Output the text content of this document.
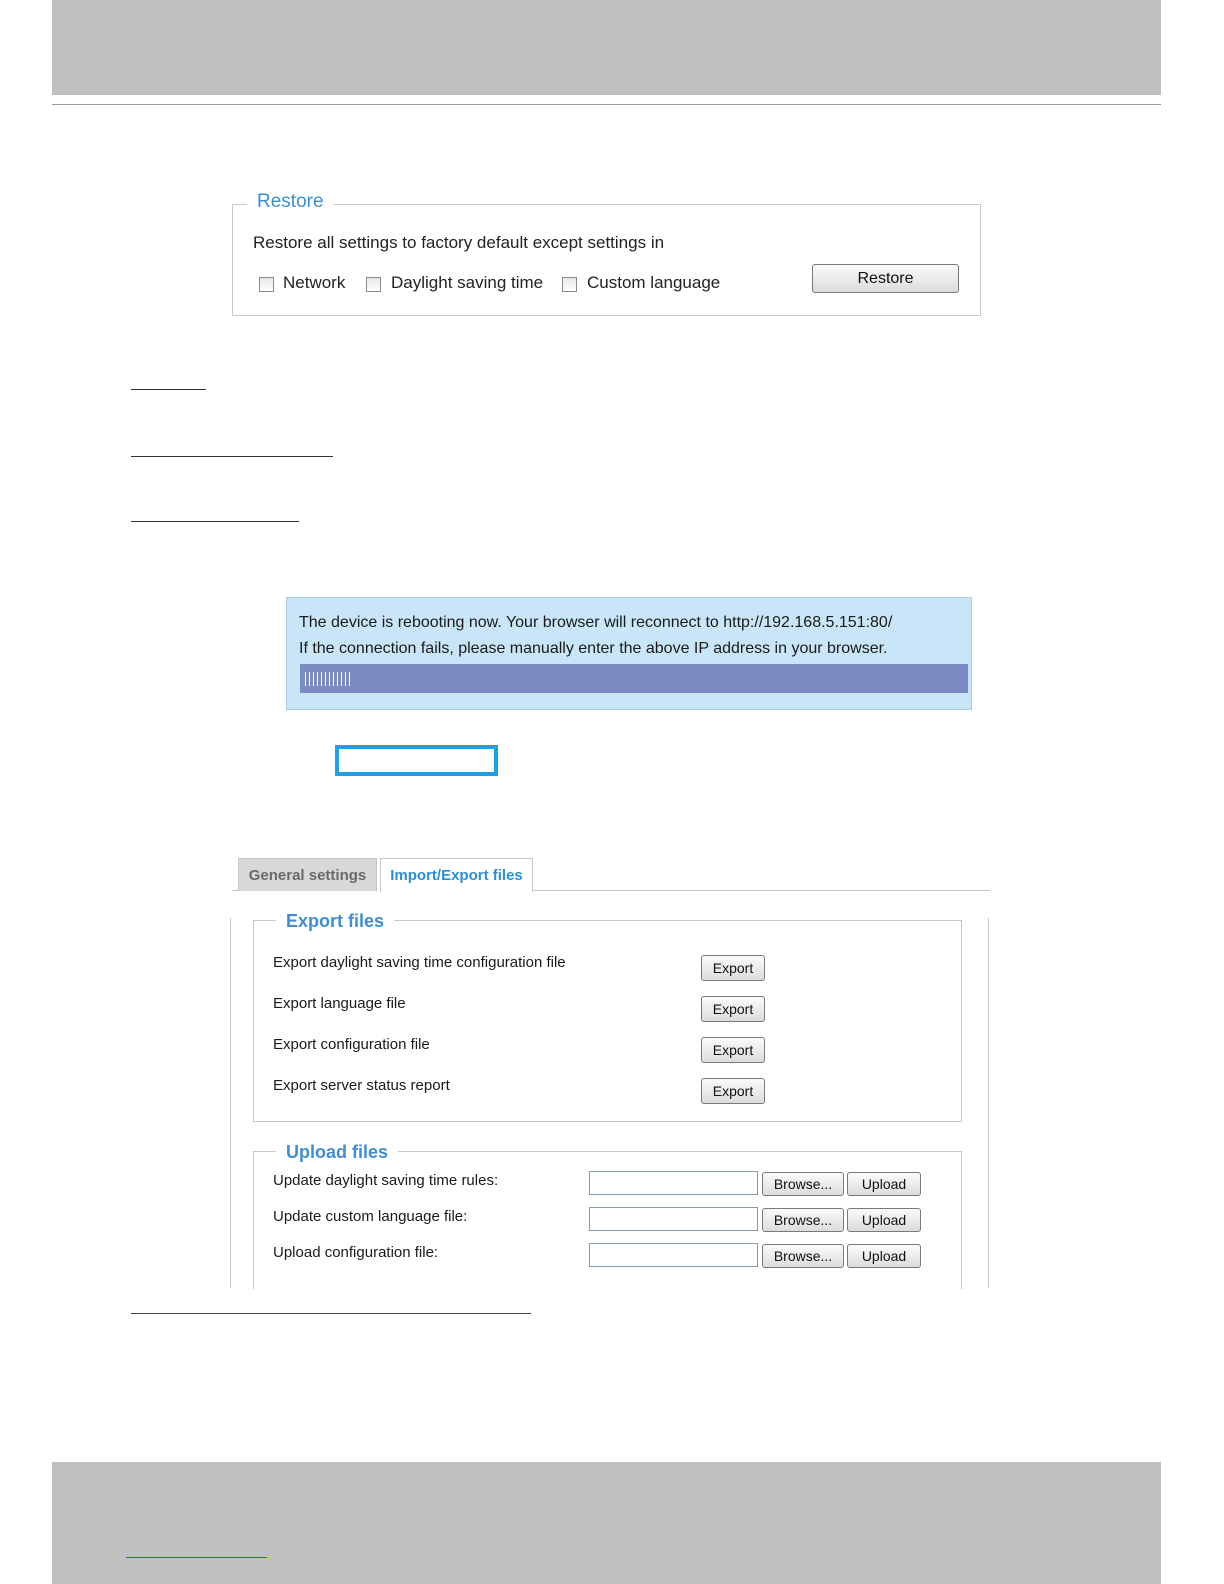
Restore
Restore all settings to factory default except settings in
Network	Daylight saving time	Custom language	Restore
The device is rebooting now. Your browser will reconnect to http://192.168.5.151:80/
If the connection fails, please manually enter the above IP address in your browser.
General settings	Import/Export files
Export files
Export daylight saving time configuration file	Export
Export language file	Export
Export configuration file	Export
Export server status report	Export
Upload files
Update daylight saving time rules:	Browse...	Upload
Update custom language file:	Browse...	Upload
Upload configuration file:	Browse...	Upload
